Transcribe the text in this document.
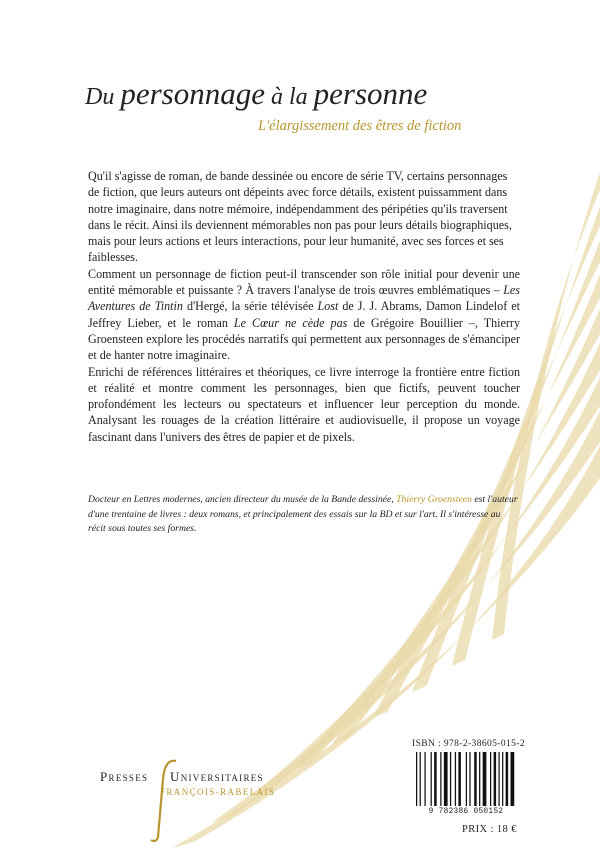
Du personnage à la personne
L'élargissement des êtres de fiction

Qu'il s'agisse de roman, de bande dessinée ou encore de série TV, certains personnages de fiction, que leurs auteurs ont dépeints avec force détails, existent puissamment dans notre imaginaire, dans notre mémoire, indépendamment des péripéties qu'ils traversent dans le récit. Ainsi ils deviennent mémorables non pas pour leurs détails biographiques, mais pour leurs actions et leurs interactions, pour leur humanité, avec ses forces et ses faiblesses.

Comment un personnage de fiction peut-il transcender son rôle initial pour devenir une entité mémorable et puissante ? À travers l'analyse de trois œuvres emblématiques – Les Aventures de Tintin d'Hergé, la série télévisée Lost de J. J. Abrams, Damon Lindelof et Jeffrey Lieber, et le roman Le Cœur ne cède pas de Grégoire Bouillier –, Thierry Groensteen explore les procédés narratifs qui permettent aux personnages de s'émanciper et de hanter notre imaginaire.

Enrichi de références littéraires et théoriques, ce livre interroge la frontière entre fiction et réalité et montre comment les personnages, bien que fictifs, peuvent toucher profondément les lecteurs ou spectateurs et influencer leur perception du monde. Analysant les rouages de la création littéraire et audiovisuelle, il propose un voyage fascinant dans l'univers des êtres de papier et de pixels.

Docteur en Lettres modernes, ancien directeur du musée de la Bande dessinée, Thierry Groensteen est l'auteur d'une trentaine de livres : deux romans, et principalement des essais sur la BD et sur l'art. Il s'intéresse au récit sous toutes ses formes.

Presses Universitaires
FRANÇOIS-RABELAIS
ISBN : 978-2-38605-015-2
9 782386 050152
PRIX : 18 €
